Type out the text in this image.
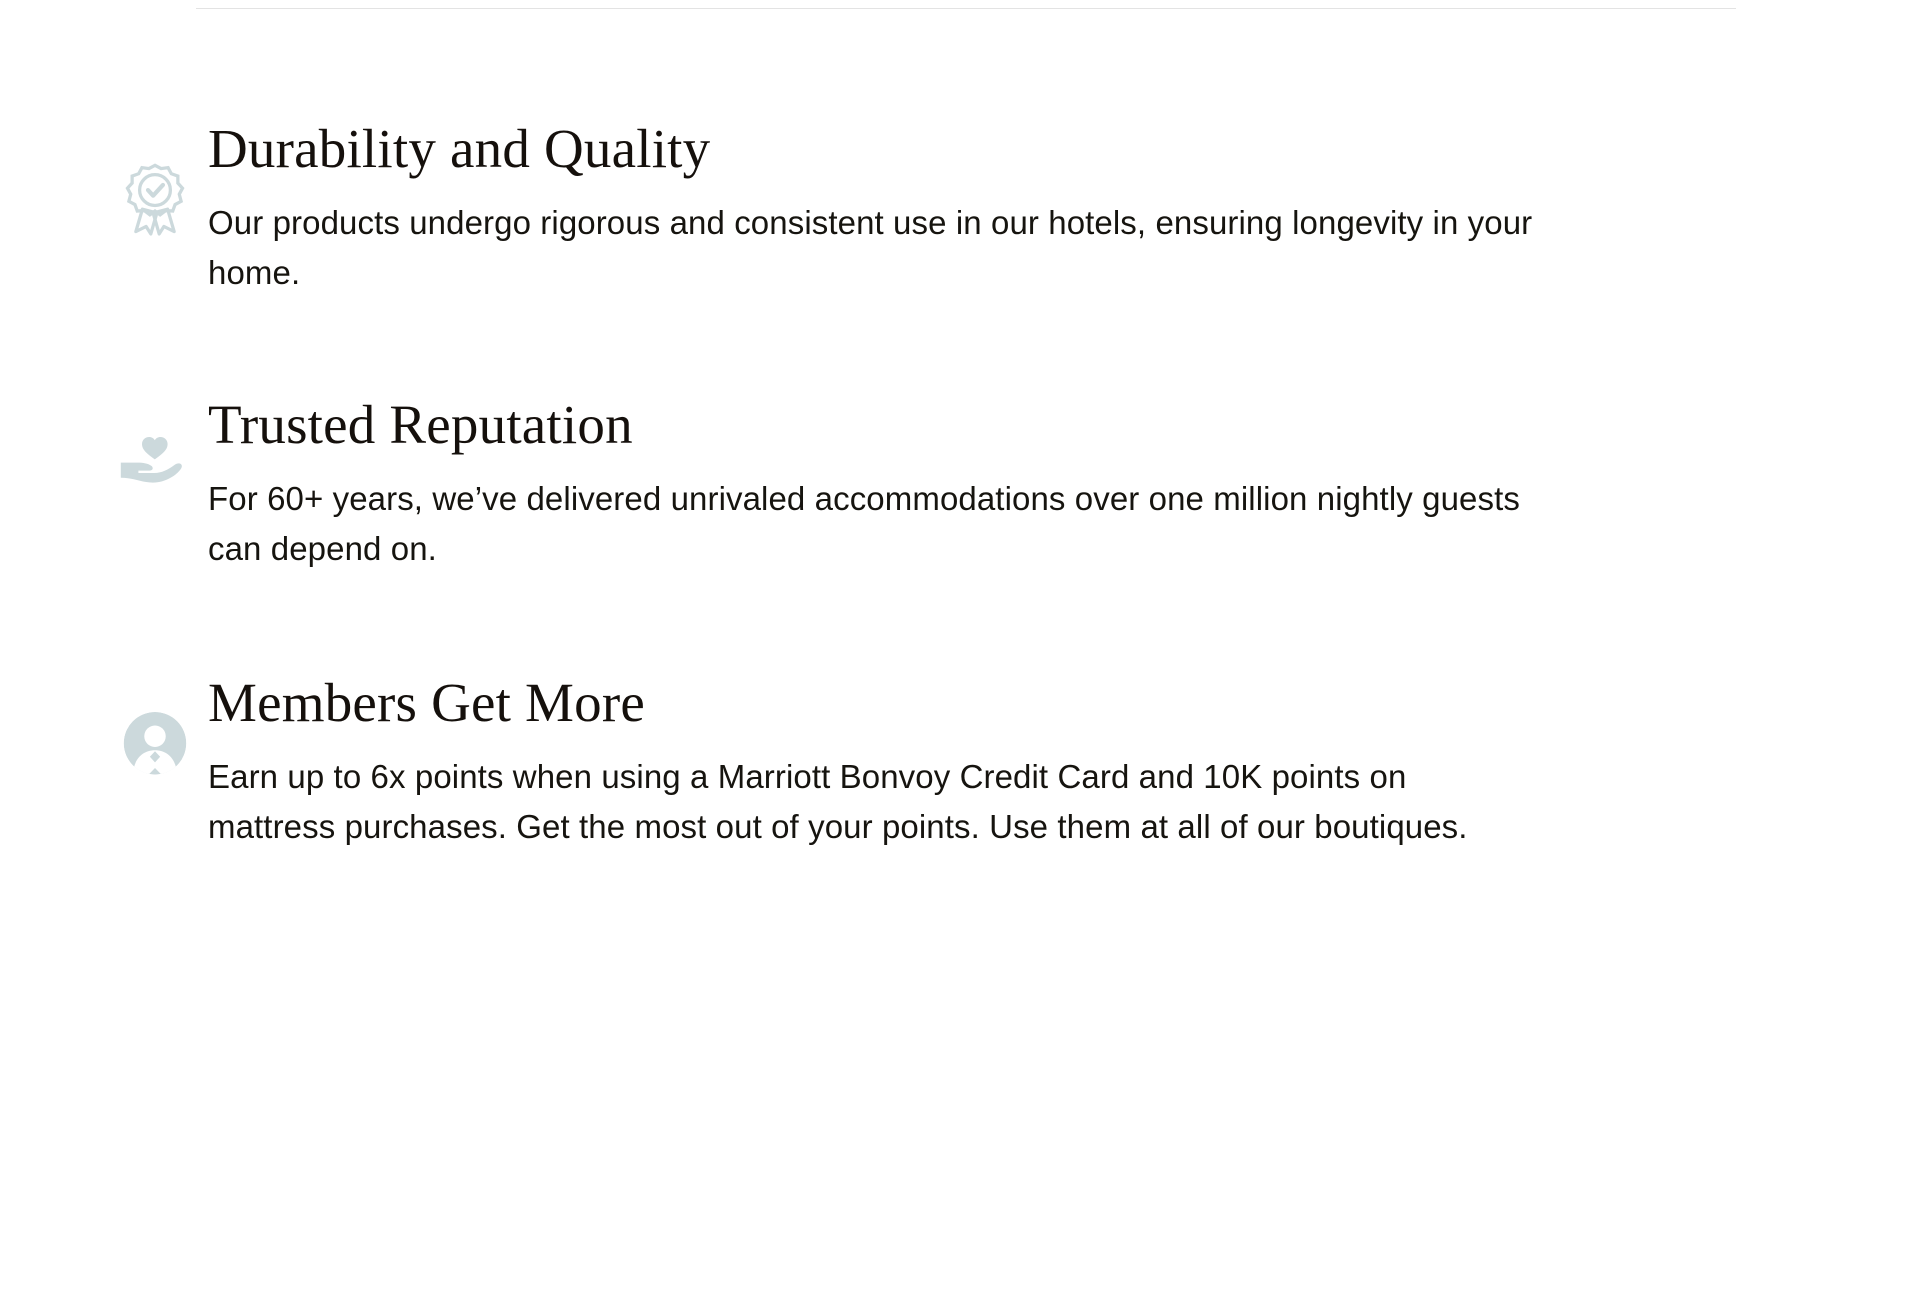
Durability and Quality

Our products undergo rigorous and consistent use in our hotels, ensuring longevity in your home.

Trusted Reputation

For 60+ years, we’ve delivered unrivaled accommodations over one million nightly guests can depend on.

Members Get More

Earn up to 6x points when using a Marriott Bonvoy Credit Card and 10K points on mattress purchases. Get the most out of your points. Use them at all of our boutiques.
